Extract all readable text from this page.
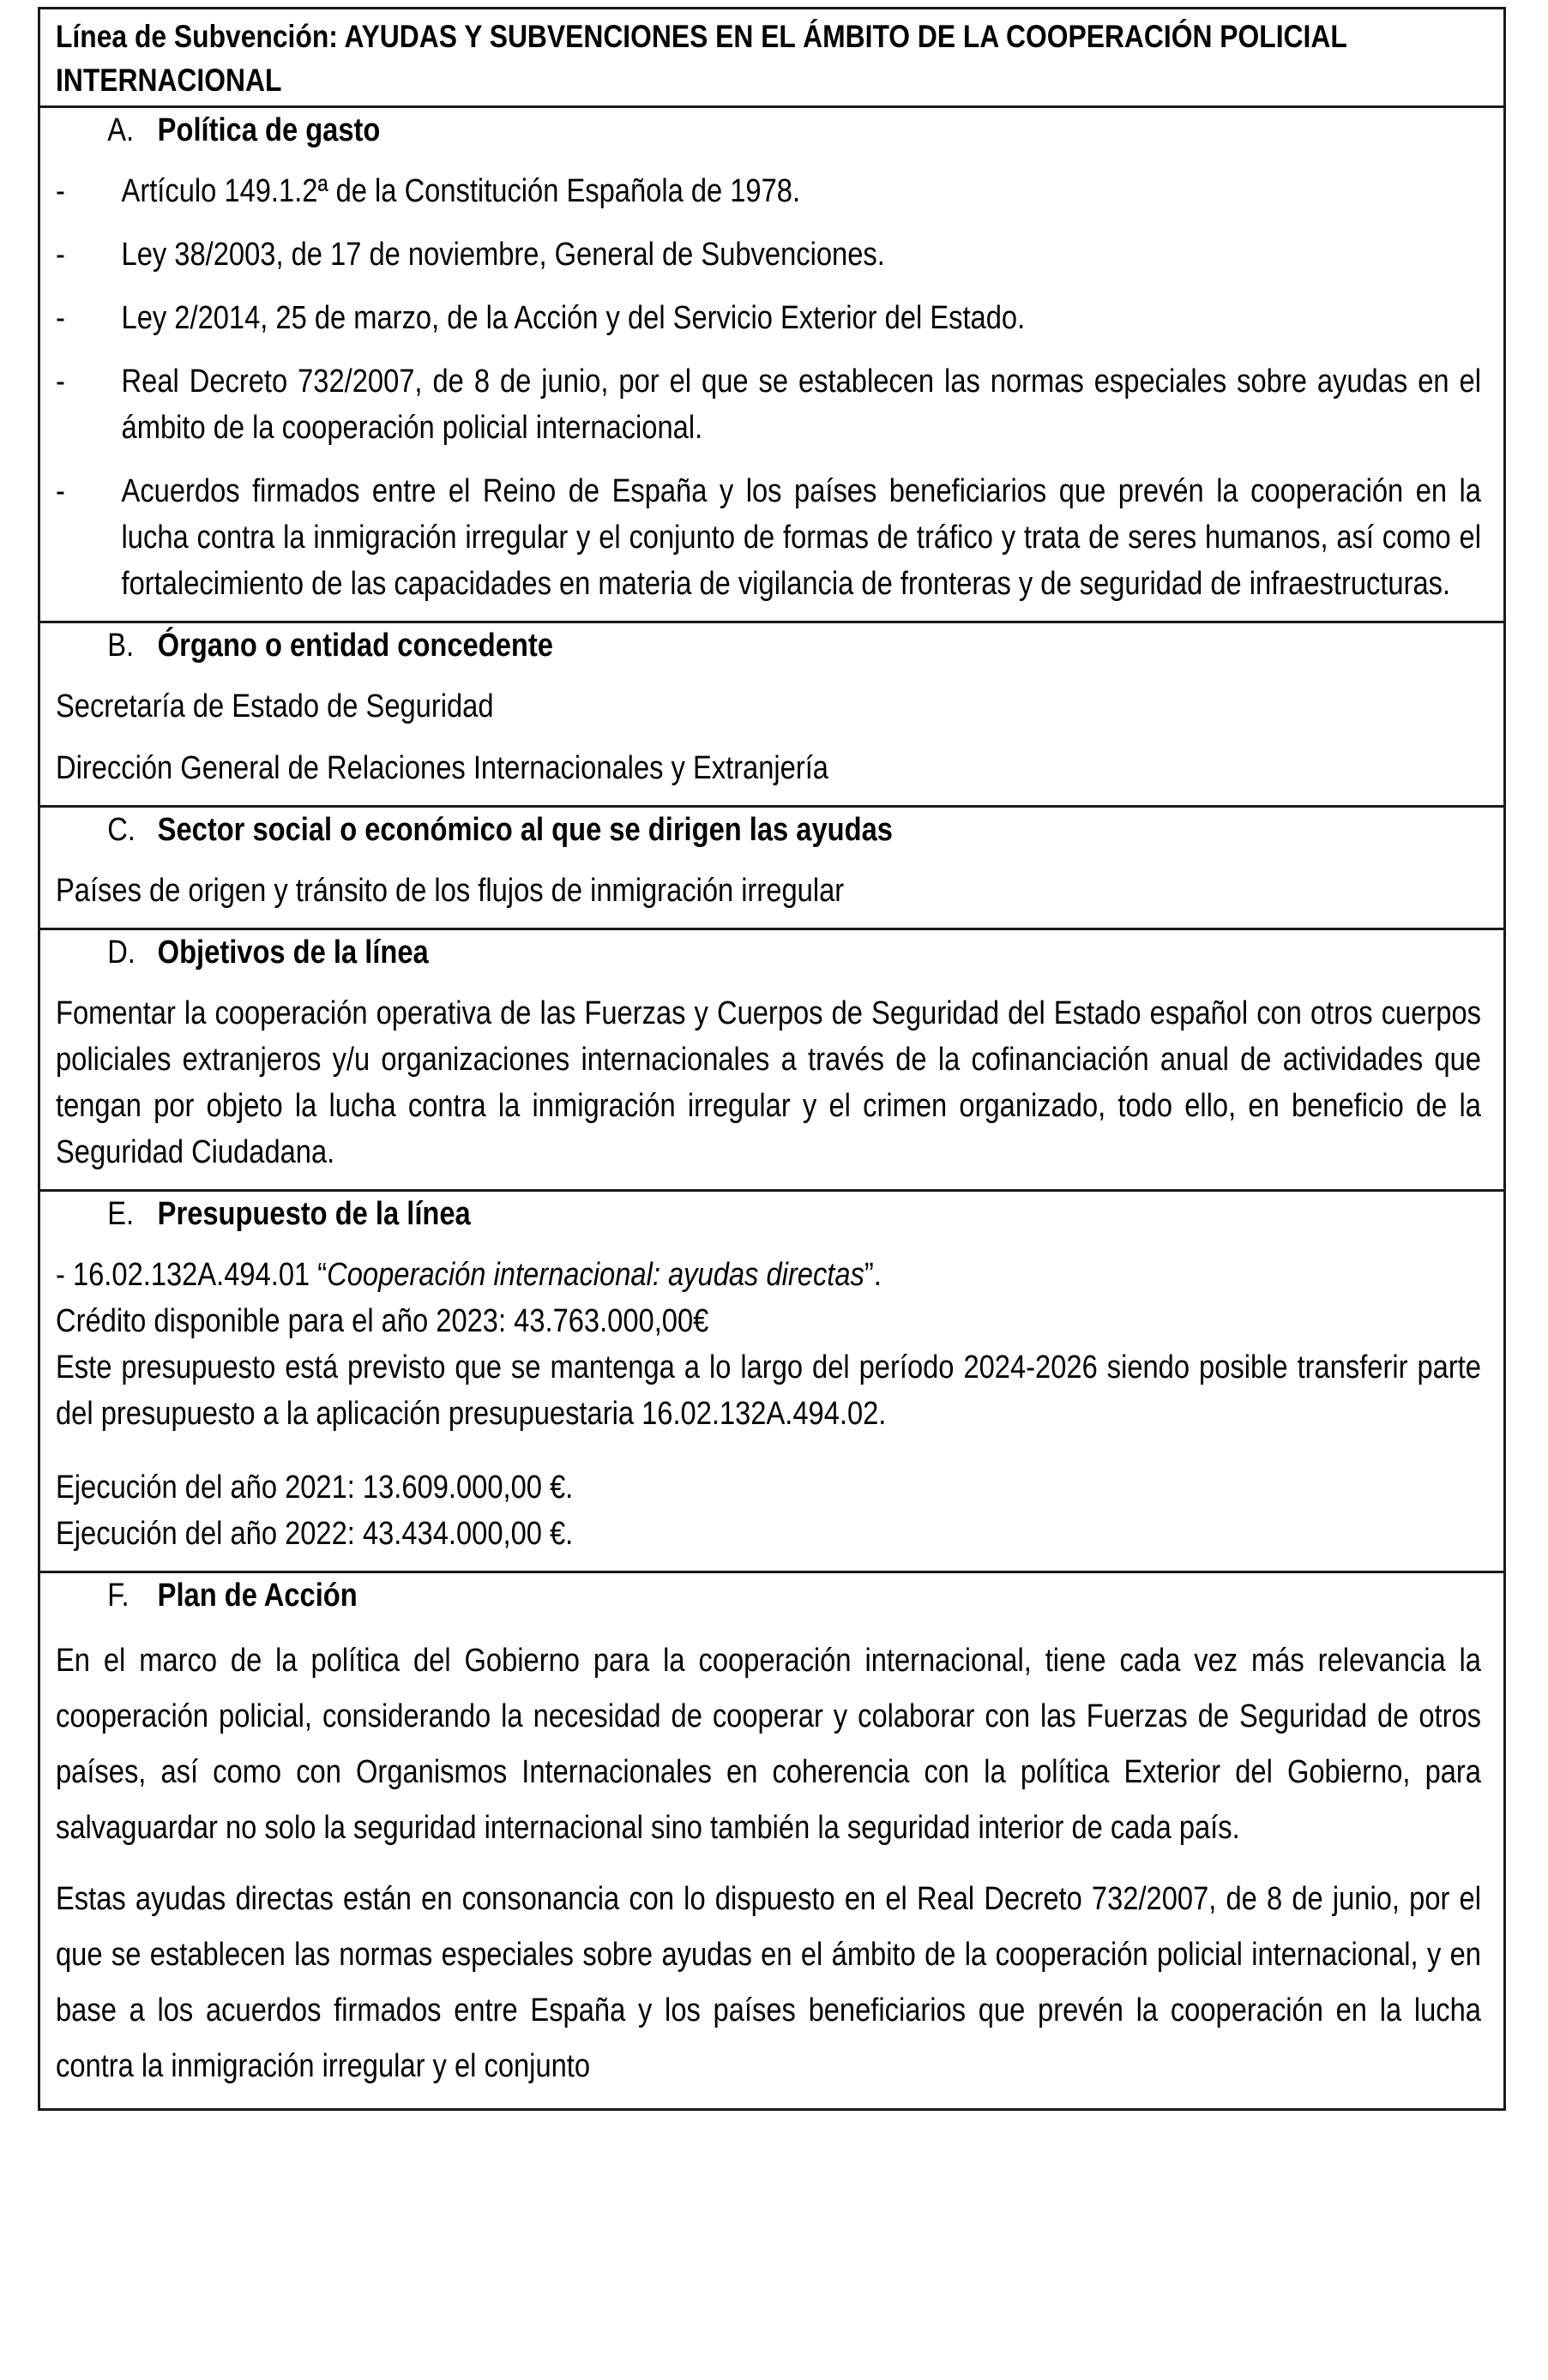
Línea de Subvención: AYUDAS Y SUBVENCIONES EN EL ÁMBITO DE LA COOPERACIÓN POLICIAL INTERNACIONAL

A. Política de gasto
-	Artículo 149.1.2ª de la Constitución Española de 1978.
-	Ley 38/2003, de 17 de noviembre, General de Subvenciones.
-	Ley 2/2014, 25 de marzo, de la Acción y del Servicio Exterior del Estado.
-	Real Decreto 732/2007, de 8 de junio, por el que se establecen las normas especiales sobre ayudas en el ámbito de la cooperación policial internacional.
-	Acuerdos firmados entre el Reino de España y los países beneficiarios que prevén la cooperación en la lucha contra la inmigración irregular y el conjunto de formas de tráfico y trata de seres humanos, así como el fortalecimiento de las capacidades en materia de vigilancia de fronteras y de seguridad de infraestructuras.
B. Órgano o entidad concedente

Secretaría de Estado de Seguridad

Dirección General de Relaciones Internacionales y Extranjería

C. Sector social o económico al que se dirigen las ayudas

Países de origen y tránsito de los flujos de inmigración irregular

D. Objetivos de la línea

Fomentar la cooperación operativa de las Fuerzas y Cuerpos de Seguridad del Estado español con otros cuerpos policiales extranjeros y/u organizaciones internacionales a través de la cofinanciación anual de actividades que tengan por objeto la lucha contra la inmigración irregular y el crimen organizado, todo ello, en beneficio de la Seguridad Ciudadana.

E. Presupuesto de la línea

- 16.02.132A.494.01 “Cooperación internacional: ayudas directas”.

Crédito disponible para el año 2023: 43.763.000,00€

Este presupuesto está previsto que se mantenga a lo largo del período 2024-2026 siendo posible transferir parte del presupuesto a la aplicación presupuestaria 16.02.132A.494.02.

Ejecución del año 2021: 13.609.000,00 €.

Ejecución del año 2022: 43.434.000,00 €.

F. Plan de Acción

En el marco de la política del Gobierno para la cooperación internacional, tiene cada vez más relevancia la cooperación policial, considerando la necesidad de cooperar y colaborar con las Fuerzas de Seguridad de otros países, así como con Organismos Internacionales en coherencia con la política Exterior del Gobierno, para salvaguardar no solo la seguridad internacional sino también la seguridad interior de cada país.

Estas ayudas directas están en consonancia con lo dispuesto en el Real Decreto 732/2007, de 8 de junio, por el que se establecen las normas especiales sobre ayudas en el ámbito de la cooperación policial internacional, y en base a los acuerdos firmados entre España y los países beneficiarios que prevén la cooperación en la lucha contra la inmigración irregular y el conjunto
